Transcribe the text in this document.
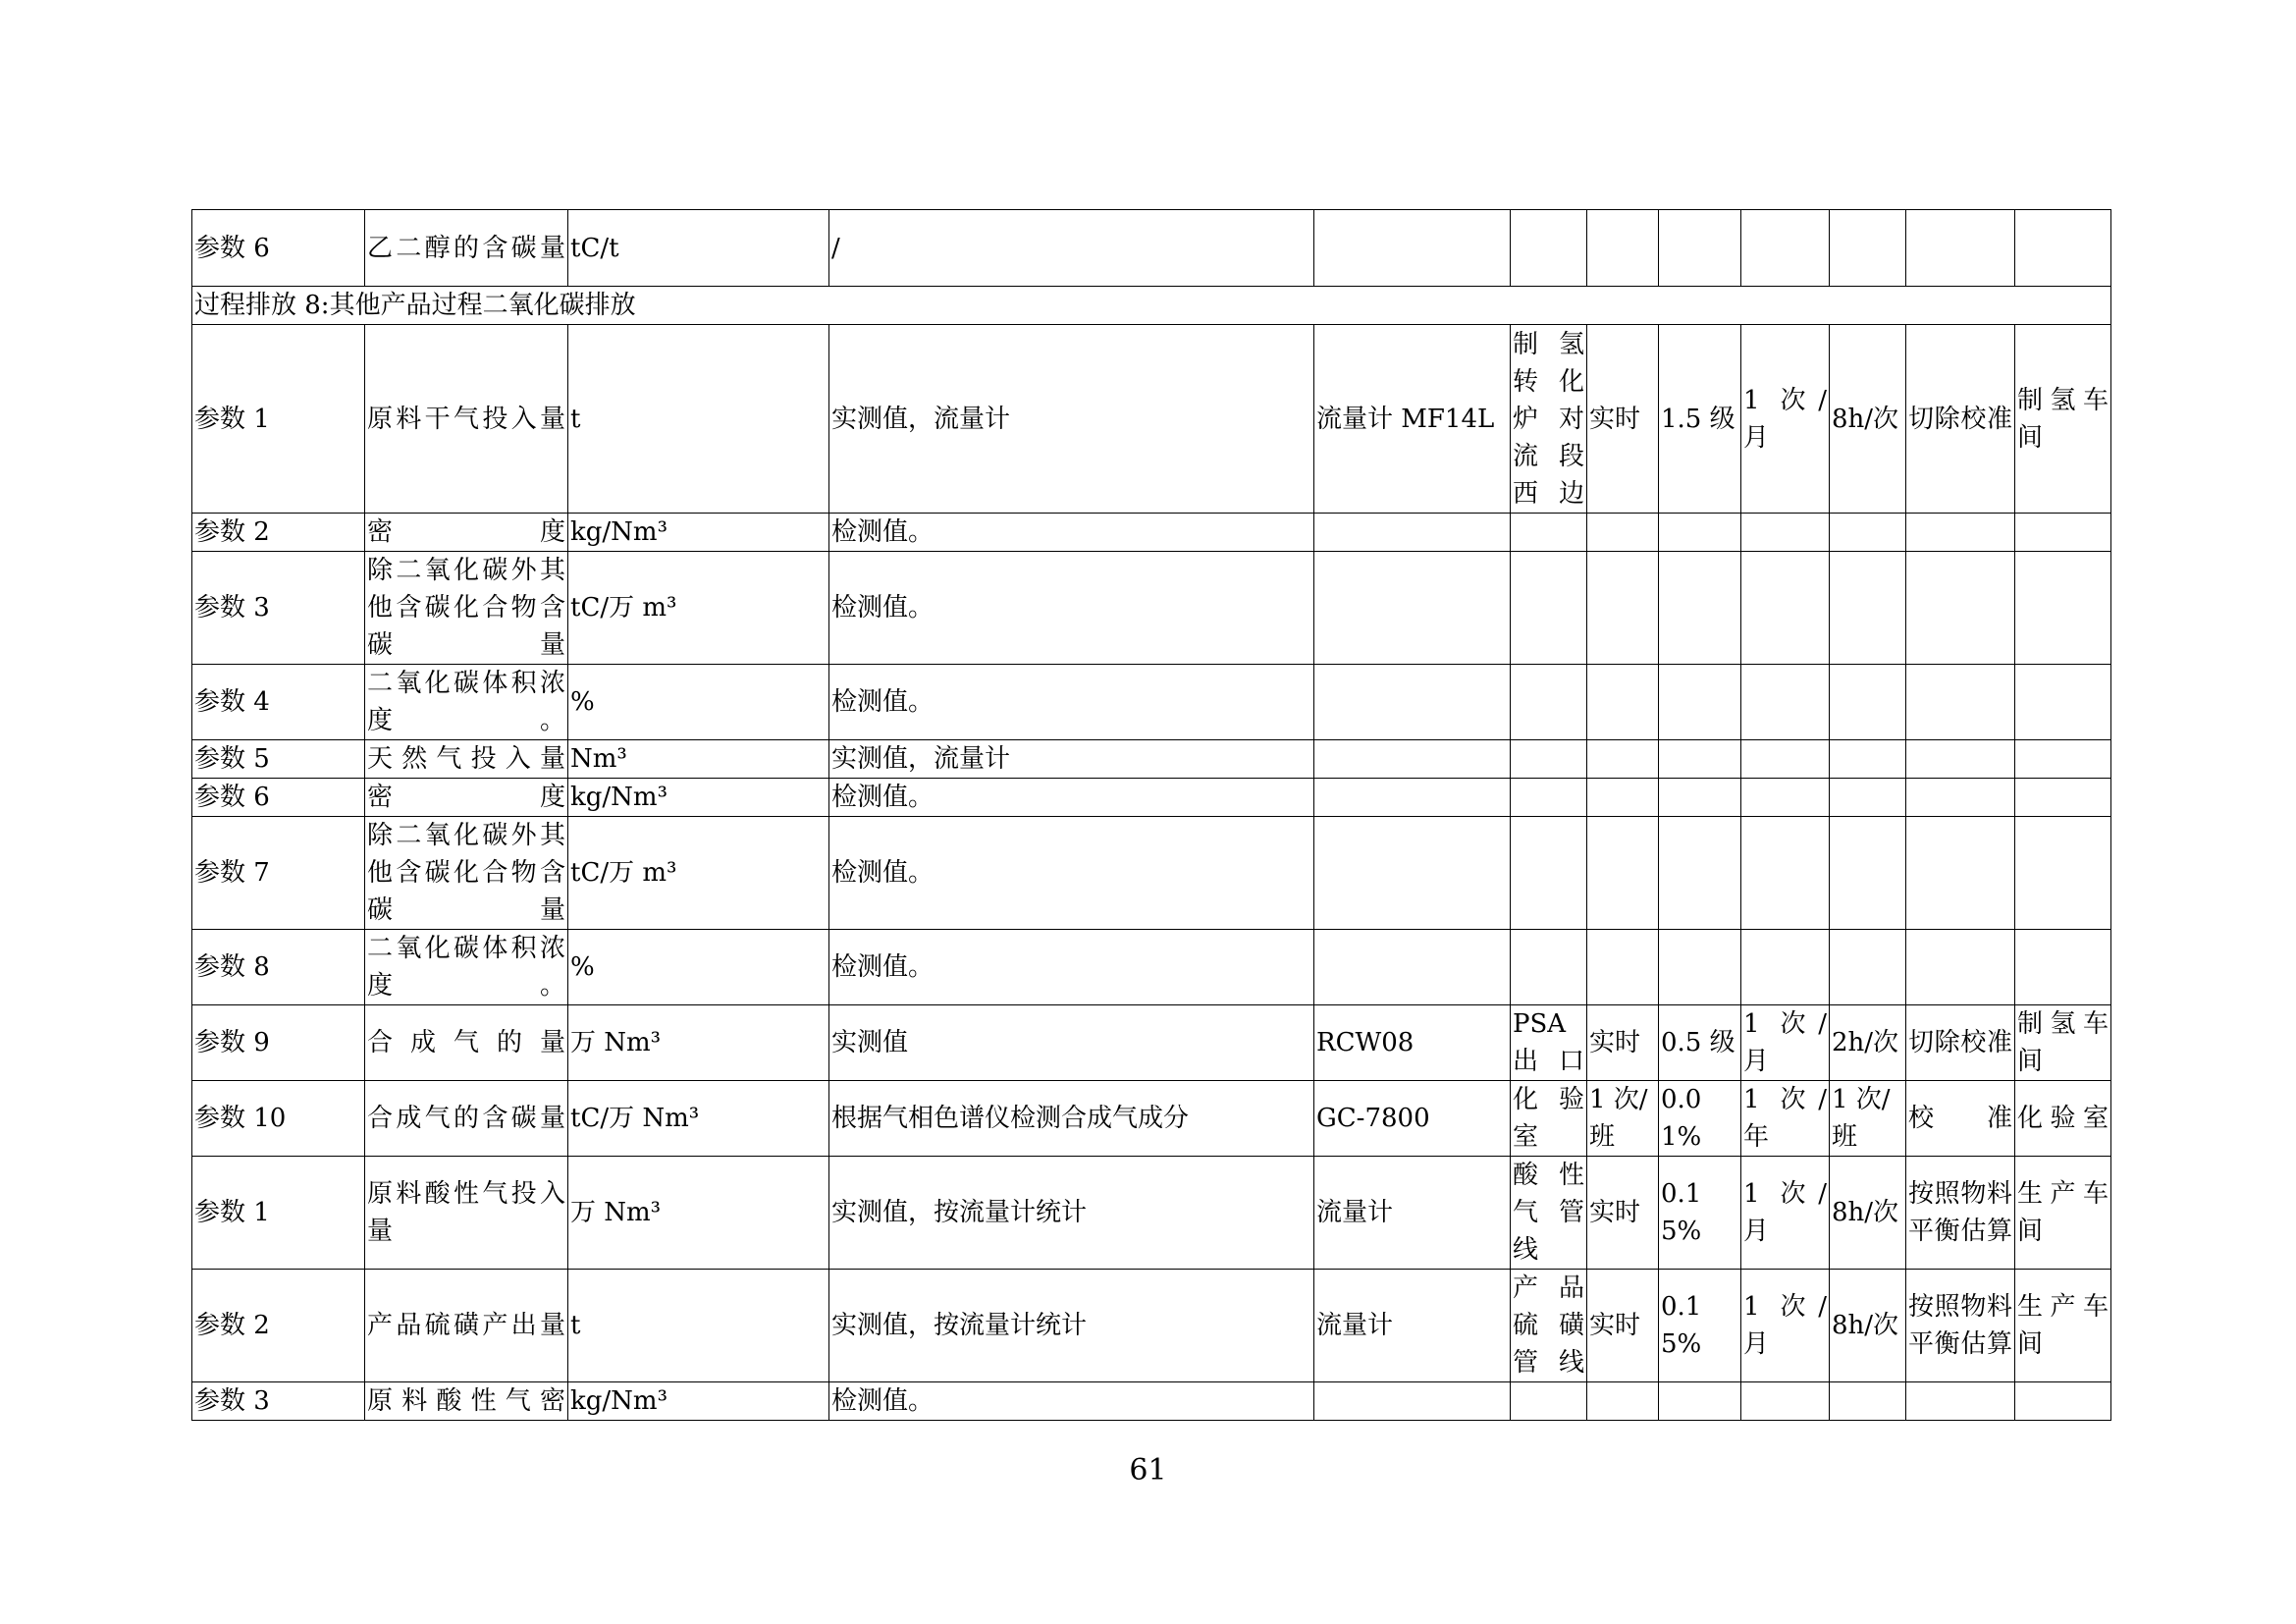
参数 6	乙二醇的含碳量	tC/t	/								
过程排放 8:其他产品过程二氧化碳排放											
参数 1	原料干气投入量	t	实测值，流量计	流量计 MF14L	制氢转化炉对流段西边	实时	1.5 级	1 次/月	8h/次	切除校准	制氢车间
参数 2	密度	kg/Nm³	检测值。								
参数 3	除二氧化碳外其他含碳化合物含碳量	tC/万 m³	检测值。								
参数 4	二氧化碳体积浓度。	%	检测值。								
参数 5	天然气投入量	Nm³	实测值，流量计								
参数 6	密度	kg/Nm³	检测值。								
参数 7	除二氧化碳外其他含碳化合物含碳量	tC/万 m³	检测值。								
参数 8	二氧化碳体积浓度。	%	检测值。								
参数 9	合成气的量	万 Nm³	实测值	RCW08	PSA 出口	实时	0.5 级	1 次/月	2h/次	切除校准	制氢车间
参数 10	合成气的含碳量	tC/万 Nm³	根据气相色谱仪检测合成气成分	GC-7800	化验室	1 次/班	0.01%	1 次/年	1 次/班	校准	化验室
参数 1	原料酸性气投入量	万 Nm³	实测值，按流量计统计	流量计	酸性气管线	实时	0.15%	1 次/月	8h/次	按照物料平衡估算	生产车间
参数 2	产品硫磺产出量	t	实测值，按流量计统计	流量计	产品硫磺管线	实时	0.15%	1 次/月	8h/次	按照物料平衡估算	生产车间
参数 3	原料酸性气密	kg/Nm³	检测值。								
61
